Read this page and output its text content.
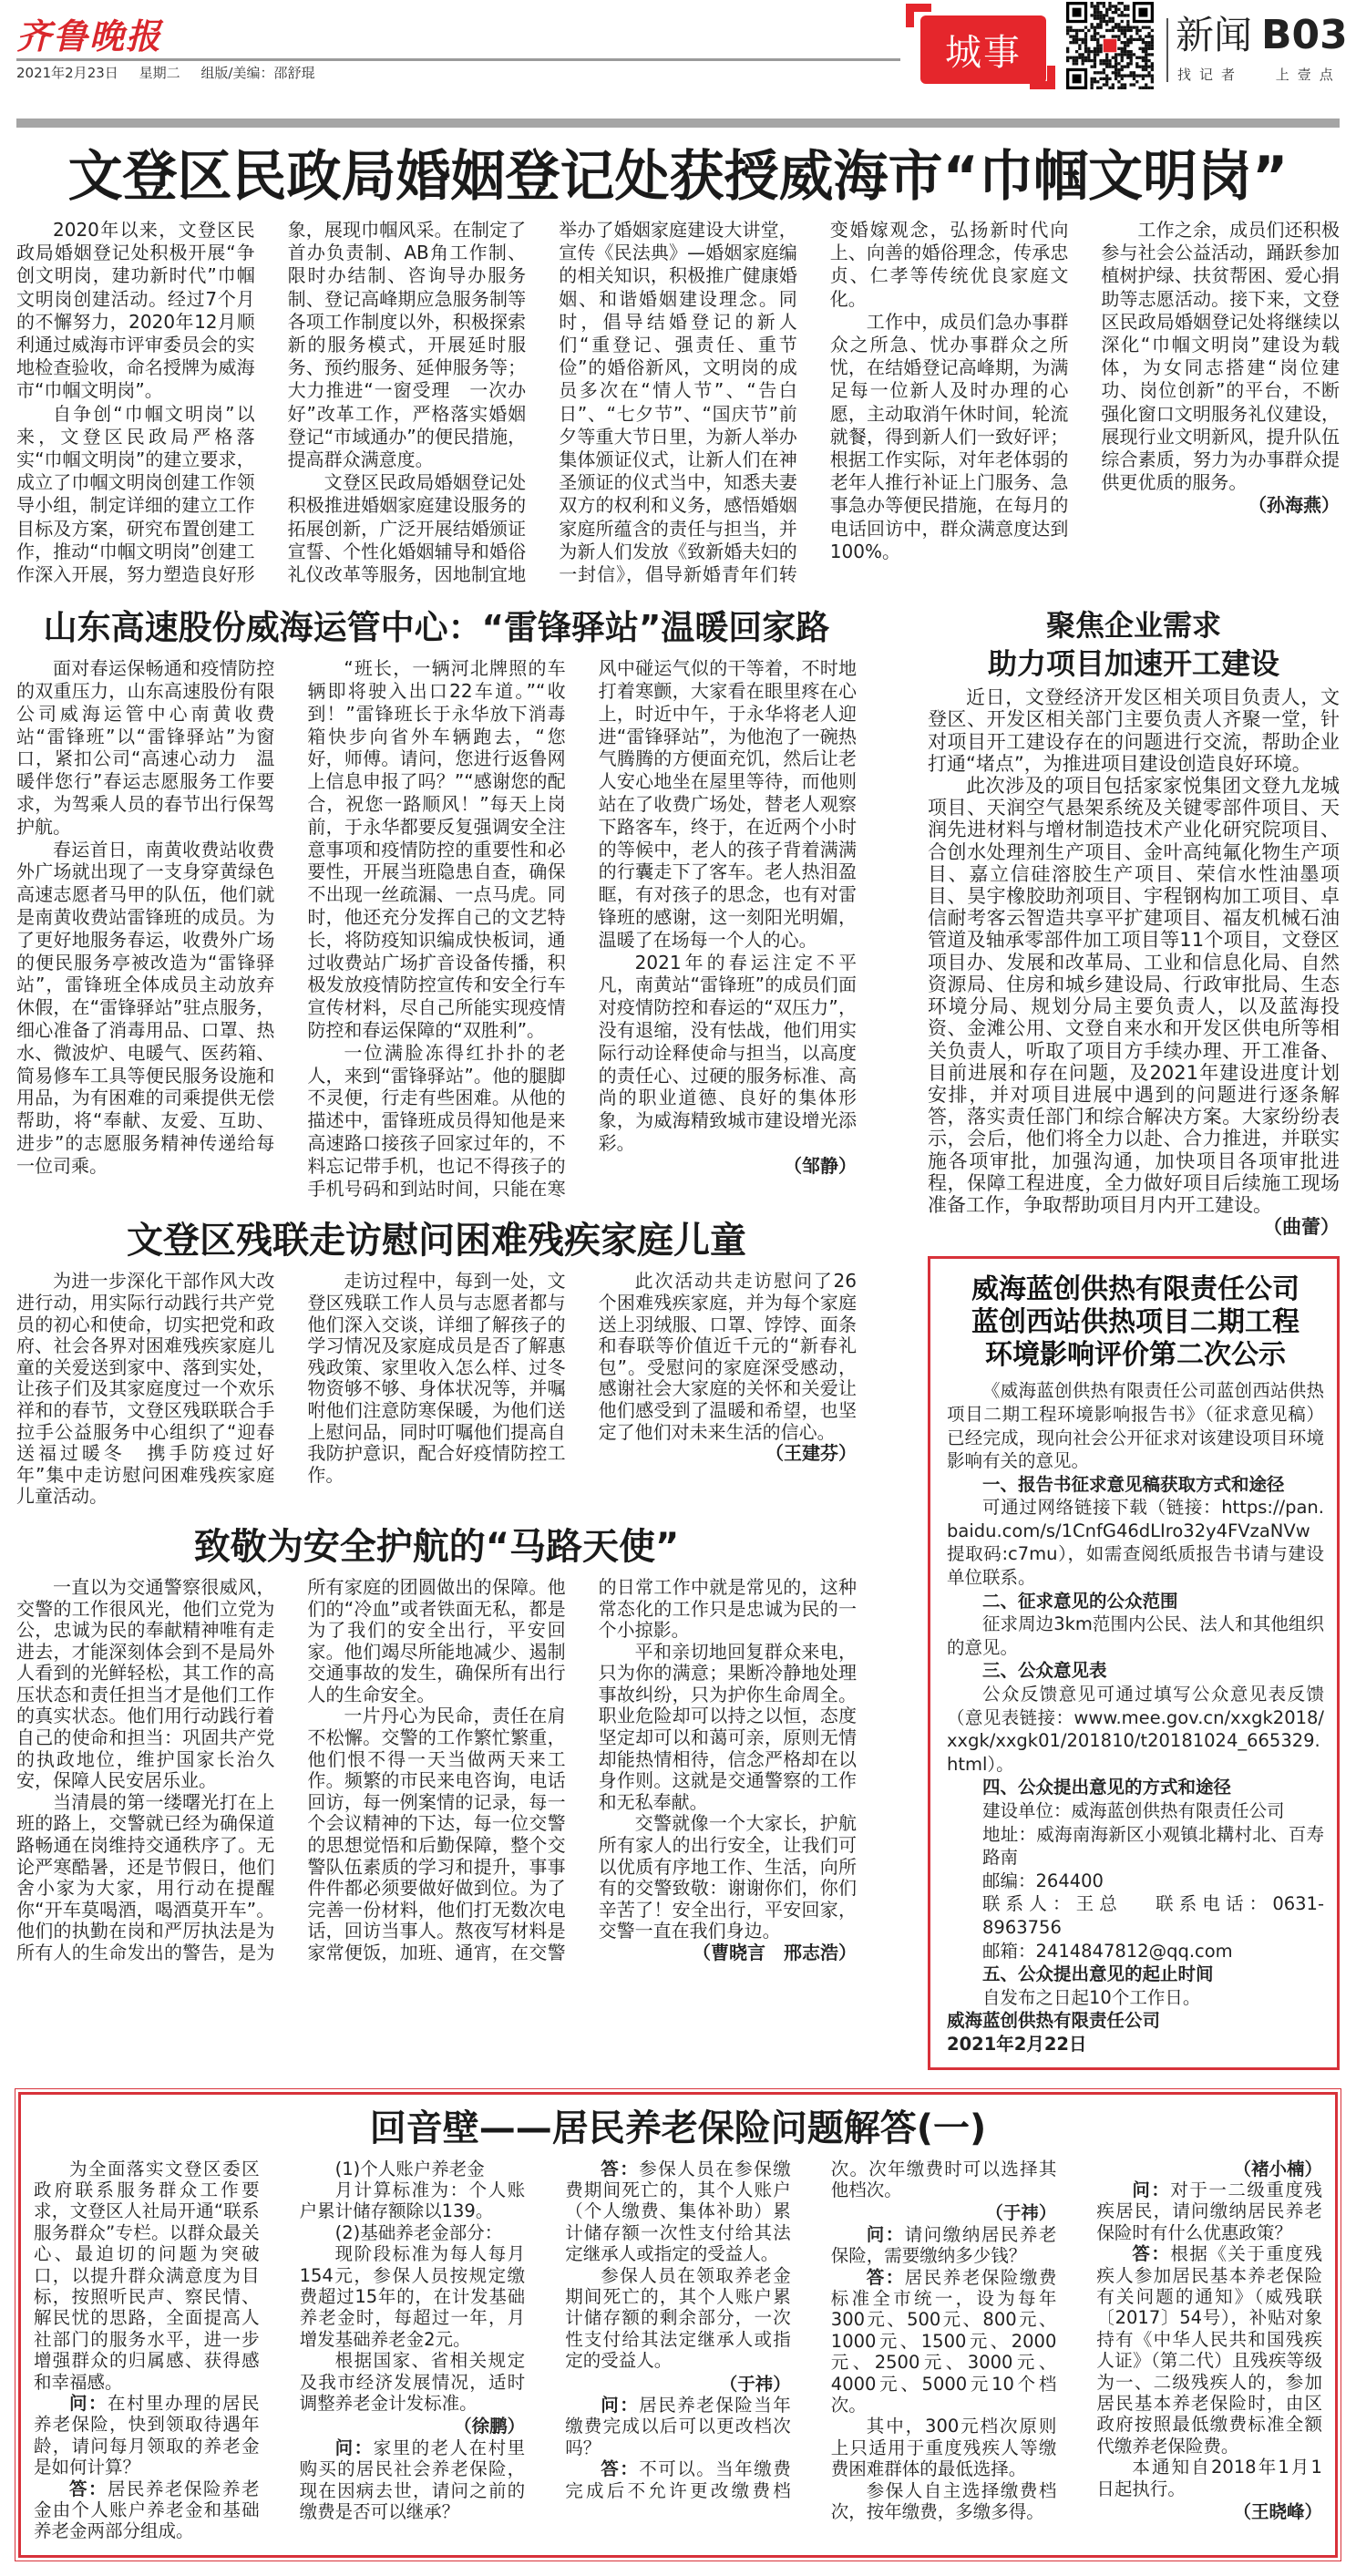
齐鲁晚报
2021年2月23日 星期二 组版/美编：邵舒琨	城事	新闻 B03
找记者 上壹点
文登区民政局婚姻登记处获授威海市“巾帼文明岗”

2020年以来，文登区民政局婚姻登记处积极开展“争创文明岗，建功新时代”巾帼文明岗创建活动。经过7个月的不懈努力，2020年12月顺利通过威海市评审委员会的实地检查验收，命名授牌为威海市“巾帼文明岗”。

自争创“巾帼文明岗”以来，文登区民政局严格落实“巾帼文明岗”的建立要求，成立了巾帼文明岗创建工作领导小组，制定详细的建立工作目标及方案，研究布置创建工作，推动“巾帼文明岗”创建工作深入开展，努力塑造良好形象，展现巾帼风采。在制定了首办负责制、AB角工作制、限时办结制、咨询导办服务制、登记高峰期应急服务制等各项工作制度以外，积极探索新的服务模式，开展延时服务、预约服务、延伸服务等；大力推进“一窗受理　一次办好”改革工作，严格落实婚姻登记“市域通办”的便民措施，提高群众满意度。

文登区民政局婚姻登记处积极推进婚姻家庭建设服务的拓展创新，广泛开展结婚颁证宣誓、个性化婚姻辅导和婚俗礼仪改革等服务，因地制宜地举办了婚姻家庭建设大讲堂，宣传《民法典》—婚姻家庭编的相关知识，积极推广健康婚姻、和谐婚姻建设理念。同时，倡导结婚登记的新人们“重登记、强责任、重节俭”的婚俗新风，文明岗的成员多次在“情人节”、“告白日”、“七夕节”、“国庆节”前夕等重大节日里，为新人举办集体颁证仪式，让新人们在神圣颁证的仪式当中，知悉夫妻双方的权利和义务，感悟婚姻家庭所蕴含的责任与担当，并为新人们发放《致新婚夫妇的一封信》，倡导新婚青年们转变婚嫁观念，弘扬新时代向上、向善的婚俗理念，传承忠贞、仁孝等传统优良家庭文化。

工作中，成员们急办事群众之所急、忧办事群众之所忧，在结婚登记高峰期，为满足每一位新人及时办理的心愿，主动取消午休时间，轮流就餐，得到新人们一致好评；根据工作实际，对年老体弱的老年人推行补证上门服务、急事急办等便民措施，在每月的电话回访中，群众满意度达到100%。

工作之余，成员们还积极参与社会公益活动，踊跃参加植树护绿、扶贫帮困、爱心捐助等志愿活动。接下来，文登区民政局婚姻登记处将继续以深化“巾帼文明岗”建设为载体，为女同志搭建“岗位建功、岗位创新”的平台，不断强化窗口文明服务礼仪建设，展现行业文明新风，提升队伍综合素质，努力为办事群众提供更优质的服务。

（孙海燕）

山东高速股份威海运管中心：“雷锋驿站”温暖回家路

面对春运保畅通和疫情防控的双重压力，山东高速股份有限公司威海运管中心南黄收费站“雷锋班”以“雷锋驿站”为窗口，紧扣公司“高速心动力　温暖伴您行”春运志愿服务工作要求，为驾乘人员的春节出行保驾护航。

春运首日，南黄收费站收费外广场就出现了一支身穿黄绿色高速志愿者马甲的队伍，他们就是南黄收费站雷锋班的成员。为了更好地服务春运，收费外广场的便民服务亭被改造为“雷锋驿站”，雷锋班全体成员主动放弃休假，在“雷锋驿站”驻点服务，细心准备了消毒用品、口罩、热水、微波炉、电暖气、医药箱、简易修车工具等便民服务设施和用品，为有困难的司乘提供无偿帮助，将“奉献、友爱、互助、进步”的志愿服务精神传递给每一位司乘。

“班长，一辆河北牌照的车辆即将驶入出口22车道。”“收到！”雷锋班长于永华放下消毒箱快步向省外车辆跑去，“您好，师傅。请问，您进行返鲁网上信息申报了吗？”“感谢您的配合，祝您一路顺风！”每天上岗前，于永华都要反复强调安全注意事项和疫情防控的重要性和必要性，开展当班隐患自查，确保不出现一丝疏漏、一点马虎。同时，他还充分发挥自己的文艺特长，将防疫知识编成快板词，通过收费站广场扩音设备传播，积极发放疫情防控宣传和安全行车宣传材料，尽自己所能实现疫情防控和春运保障的“双胜利”。

一位满脸冻得红扑扑的老人，来到“雷锋驿站”。他的腿脚不灵便，行走有些困难。从他的描述中，雷锋班成员得知他是来高速路口接孩子回家过年的，不料忘记带手机，也记不得孩子的手机号码和到站时间，只能在寒风中碰运气似的干等着，不时地打着寒颤，大家看在眼里疼在心上，时近中午，于永华将老人迎进“雷锋驿站”，为他泡了一碗热气腾腾的方便面充饥，然后让老人安心地坐在屋里等待，而他则站在了收费广场处，替老人观察下路客车，终于，在近两个小时的等候中，老人的孩子背着满满的行囊走下了客车。老人热泪盈眶，有对孩子的思念，也有对雷锋班的感谢，这一刻阳光明媚，温暖了在场每一个人的心。

2021年的春运注定不平凡，南黄站“雷锋班”的成员们面对疫情防控和春运的“双压力”，没有退缩，没有怯战，他们用实际行动诠释使命与担当，以高度的责任心、过硬的服务标准、高尚的职业道德、良好的集体形象，为威海精致城市建设增光添彩。

（邹静）

文登区残联走访慰问困难残疾家庭儿童

为进一步深化干部作风大改进行动，用实际行动践行共产党员的初心和使命，切实把党和政府、社会各界对困难残疾家庭儿童的关爱送到家中、落到实处，让孩子们及其家庭度过一个欢乐祥和的春节，文登区残联联合手拉手公益服务中心组织了“迎春送福过暖冬　携手防疫过好年”集中走访慰问困难残疾家庭儿童活动。

走访过程中，每到一处，文登区残联工作人员与志愿者都与他们深入交谈，详细了解孩子的学习情况及家庭成员是否了解惠残政策、家里收入怎么样、过冬物资够不够、身体状况等，并嘱咐他们注意防寒保暖，为他们送上慰问品，同时叮嘱他们提高自我防护意识，配合好疫情防控工作。

此次活动共走访慰问了26个困难残疾家庭，并为每个家庭送上羽绒服、口罩、饽饽、面条和春联等价值近千元的“新春礼包”。受慰问的家庭深受感动，感谢社会大家庭的关怀和关爱让他们感受到了温暖和希望，也坚定了他们对未来生活的信心。

（王建芬）

致敬为安全护航的“马路天使”

一直以为交通警察很威风，交警的工作很风光，他们立党为公，忠诚为民的奉献精神唯有走进去，才能深刻体会到不是局外人看到的光鲜轻松，其工作的高压状态和责任担当才是他们工作的真实状态。他们用行动践行着自己的使命和担当：巩固共产党的执政地位，维护国家长治久安，保障人民安居乐业。

当清晨的第一缕曙光打在上班的路上，交警就已经为确保道路畅通在岗维持交通秩序了。无论严寒酷暑，还是节假日，他们舍小家为大家，用行动在提醒你“开车莫喝酒，喝酒莫开车”。他们的执勤在岗和严厉执法是为所有人的生命发出的警告，是为所有家庭的团圆做出的保障。他们的“冷血”或者铁面无私，都是为了我们的安全出行，平安回家。他们竭尽所能地减少、遏制交通事故的发生，确保所有出行人的生命安全。

一片丹心为民命，责任在肩不松懈。交警的工作繁忙繁重，他们恨不得一天当做两天来工作。频繁的市民来电咨询，电话回访，每一例案情的记录，每一个会议精神的下达，每一位交警的思想觉悟和后勤保障，整个交警队伍素质的学习和提升，事事件件都必须要做好做到位。为了完善一份材料，他们打无数次电话，回访当事人。熬夜写材料是家常便饭，加班、通宵，在交警的日常工作中就是常见的，这种常态化的工作只是忠诚为民的一个小掠影。

平和亲切地回复群众来电，只为你的满意；果断冷静地处理事故纠纷，只为护你生命周全。职业危险却可以持之以恒，态度坚定却可以和蔼可亲，原则无情却能热情相待，信念严格却在以身作则。这就是交通警察的工作和无私奉献。

交警就像一个大家长，护航所有家人的出行安全，让我们可以优质有序地工作、生活，向所有的交警致敬：谢谢你们，你们辛苦了！安全出行，平安回家，交警一直在我们身边。

（曹晓言　邢志浩）

聚焦企业需求
助力项目加速开工建设

近日，文登经济开发区相关项目负责人，文登区、开发区相关部门主要负责人齐聚一堂，针对项目开工建设存在的问题进行交流，帮助企业打通“堵点”，为推进项目建设创造良好环境。

此次涉及的项目包括家家悦集团文登九龙城项目、天润空气悬架系统及关键零部件项目、天润先进材料与增材制造技术产业化研究院项目、合创水处理剂生产项目、金叶高纯氟化物生产项目、嘉立信硅溶胶生产项目、荣信水性油墨项目、昊宇橡胶助剂项目、宇程钢构加工项目、卓信耐考客云智造共享平扩建项目、福友机械石油管道及轴承零部件加工项目等11个项目，文登区项目办、发展和改革局、工业和信息化局、自然资源局、住房和城乡建设局、行政审批局、生态环境分局、规划分局主要负责人，以及蓝海投资、金滩公用、文登自来水和开发区供电所等相关负责人，听取了项目方手续办理、开工准备、目前进展和存在问题，及2021年建设进度计划安排，并对项目进展中遇到的问题进行逐条解答，落实责任部门和综合解决方案。大家纷纷表示，会后，他们将全力以赴、合力推进，并联实施各项审批，加强沟通，加快项目各项审批进程，保障工程进度，全力做好项目后续施工现场准备工作，争取帮助项目月内开工建设。

（曲蕾）

威海蓝创供热有限责任公司
蓝创西站供热项目二期工程
环境影响评价第二次公示

《威海蓝创供热有限责任公司蓝创西站供热项目二期工程环境影响报告书》（征求意见稿）已经完成，现向社会公开征求对该建设项目环境影响有关的意见。

一、报告书征求意见稿获取方式和途径

可通过网络链接下载（链接：https://pan.baidu.com/s/1CnfG46dLIro32y4FVzaNVw提取码:c7mu），如需查阅纸质报告书请与建设单位联系。

二、征求意见的公众范围

征求周边3km范围内公民、法人和其他组织的意见。

三、公众意见表

公众反馈意见可通过填写公众意见表反馈（意见表链接：www.mee.gov.cn/xxgk2018/xxgk/xxgk01/201810/t20181024_665329.html）。

四、公众提出意见的方式和途径

建设单位：威海蓝创供热有限责任公司

地址：威海南海新区小观镇北耩村北、百寿路南

邮编：264400

联系人：王总 联系电话：0631-8963756

邮箱：2414847812@qq.com

五、公众提出意见的起止时间

自发布之日起10个工作日。

威海蓝创供热有限责任公司

2021年2月22日

回音壁——居民养老保险问题解答(一)

为全面落实文登区委区政府联系服务群众工作要求，文登区人社局开通“联系服务群众”专栏。以群众最关心、最迫切的问题为突破口，以提升群众满意度为目标，按照听民声、察民情、解民忧的思路，全面提高人社部门的服务水平，进一步增强群众的归属感、获得感和幸福感。

问：在村里办理的居民养老保险，快到领取待遇年龄，请问每月领取的养老金是如何计算？

答：居民养老保险养老金由个人账户养老金和基础养老金两部分组成。

(1)个人账户养老金

月计算标准为：个人账户累计储存额除以139。

(2)基础养老金部分：

现阶段标准为每人每月154元，参保人员按规定缴费超过15年的，在计发基础养老金时，每超过一年，月增发基础养老金2元。

根据国家、省相关规定及我市经济发展情况，适时调整养老金计发标准。

（徐鹏）

问：家里的老人在村里购买的居民社会养老保险，现在因病去世，请问之前的缴费是否可以继承？

答：参保人员在参保缴费期间死亡的，其个人账户（个人缴费、集体补助）累计储存额一次性支付给其法定继承人或指定的受益人。

参保人员在领取养老金期间死亡的，其个人账户累计储存额的剩余部分，一次性支付给其法定继承人或指定的受益人。

（于祎）

问：居民养老保险当年缴费完成以后可以更改档次吗？

答：不可以。当年缴费完成后不允许更改缴费档次。次年缴费时可以选择其他档次。

（于祎）

问：请问缴纳居民养老保险，需要缴纳多少钱？

答：居民养老保险缴费标准全市统一，设为每年300元、500元、800元、1000元、1500元、2000元、2500元、3000元、4000元、5000元10个档次。

其中，300元档次原则上只适用于重度残疾人等缴费困难群体的最低选择。

参保人自主选择缴费档次，按年缴费，多缴多得。

（褚小楠）

问：对于一二级重度残疾居民，请问缴纳居民养老保险时有什么优惠政策？

答：根据《关于重度残疾人参加居民基本养老保险有关问题的通知》（威残联〔2017〕54号），补贴对象持有《中华人民共和国残疾人证》（第二代）且残疾等级为一、二级残疾人的，参加居民基本养老保险时，由区政府按照最低缴费标准全额代缴养老保险费。

本通知自2018年1月1日起执行。

（王晓峰）
